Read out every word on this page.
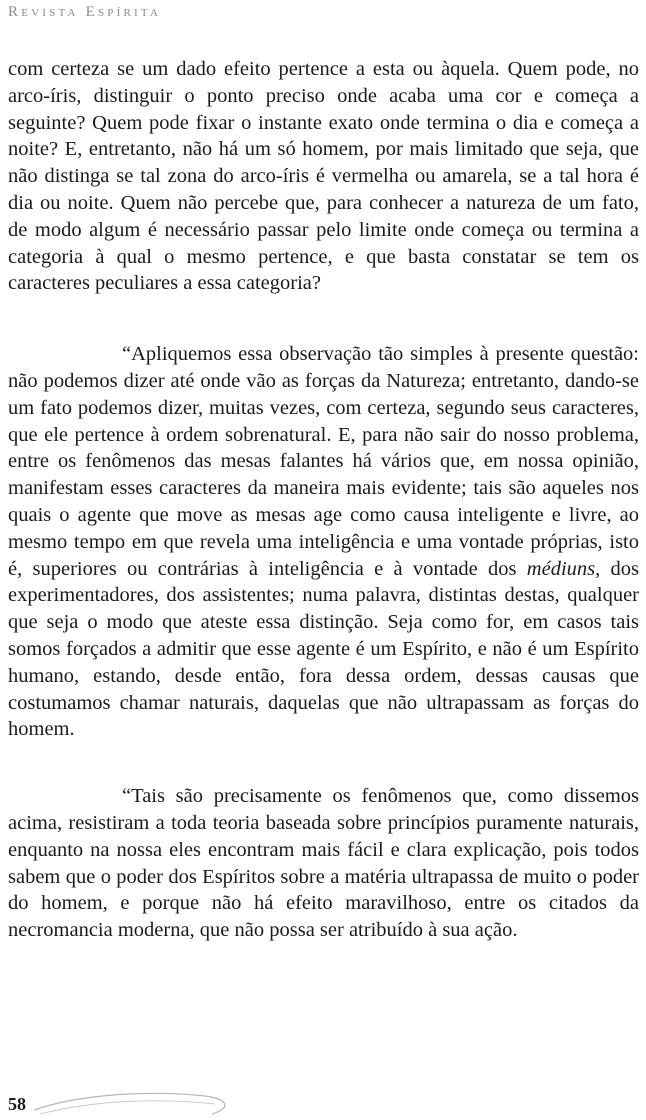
Revista Espírita

com certeza se um dado efeito pertence a esta ou àquela. Quem pode, no arco-íris, distinguir o ponto preciso onde acaba uma cor e começa a seguinte? Quem pode fixar o instante exato onde termina o dia e começa a noite? E, entretanto, não há um só homem, por mais limitado que seja, que não distinga se tal zona do arco-íris é vermelha ou amarela, se a tal hora é dia ou noite. Quem não percebe que, para conhecer a natureza de um fato, de modo algum é necessário passar pelo limite onde começa ou termina a categoria à qual o mesmo pertence, e que basta constatar se tem os caracteres peculiares a essa categoria?

“Apliquemos essa observação tão simples à presente questão: não podemos dizer até onde vão as forças da Natureza; entretanto, dando-se um fato podemos dizer, muitas vezes, com certeza, segundo seus caracteres, que ele pertence à ordem sobrenatural. E, para não sair do nosso problema, entre os fenômenos das mesas falantes há vários que, em nossa opinião, manifestam esses caracteres da maneira mais evidente; tais são aqueles nos quais o agente que move as mesas age como causa inteligente e livre, ao mesmo tempo em que revela uma inteligência e uma vontade próprias, isto é, superiores ou contrárias à inteligência e à vontade dos médiuns, dos experimentadores, dos assistentes; numa palavra, distintas destas, qualquer que seja o modo que ateste essa distinção. Seja como for, em casos tais somos forçados a admitir que esse agente é um Espírito, e não é um Espírito humano, estando, desde então, fora dessa ordem, dessas causas que costumamos chamar naturais, daquelas que não ultrapassam as forças do homem.

“Tais são precisamente os fenômenos que, como dissemos acima, resistiram a toda teoria baseada sobre princípios puramente naturais, enquanto na nossa eles encontram mais fácil e clara explicação, pois todos sabem que o poder dos Espíritos sobre a matéria ultrapassa de muito o poder do homem, e porque não há efeito maravilhoso, entre os citados da necromancia moderna, que não possa ser atribuído à sua ação.

58
